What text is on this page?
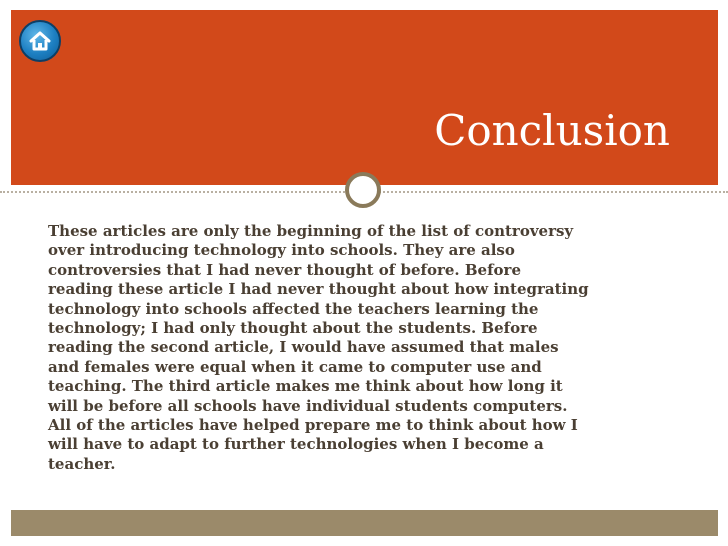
Conclusion

These articles are only the beginning of the list of controversy
over introducing technology into schools. They are also
controversies that I had never thought of before. Before
reading these article I had never thought about how integrating
technology into schools affected the teachers learning the
technology; I had only thought about the students. Before
reading the second article, I would have assumed that males
and females were equal when it came to computer use and
teaching. The third article makes me think about how long it
will be before all schools have individual students computers.
All of the articles have helped prepare me to think about how I
will have to adapt to further technologies when I become a
teacher.
